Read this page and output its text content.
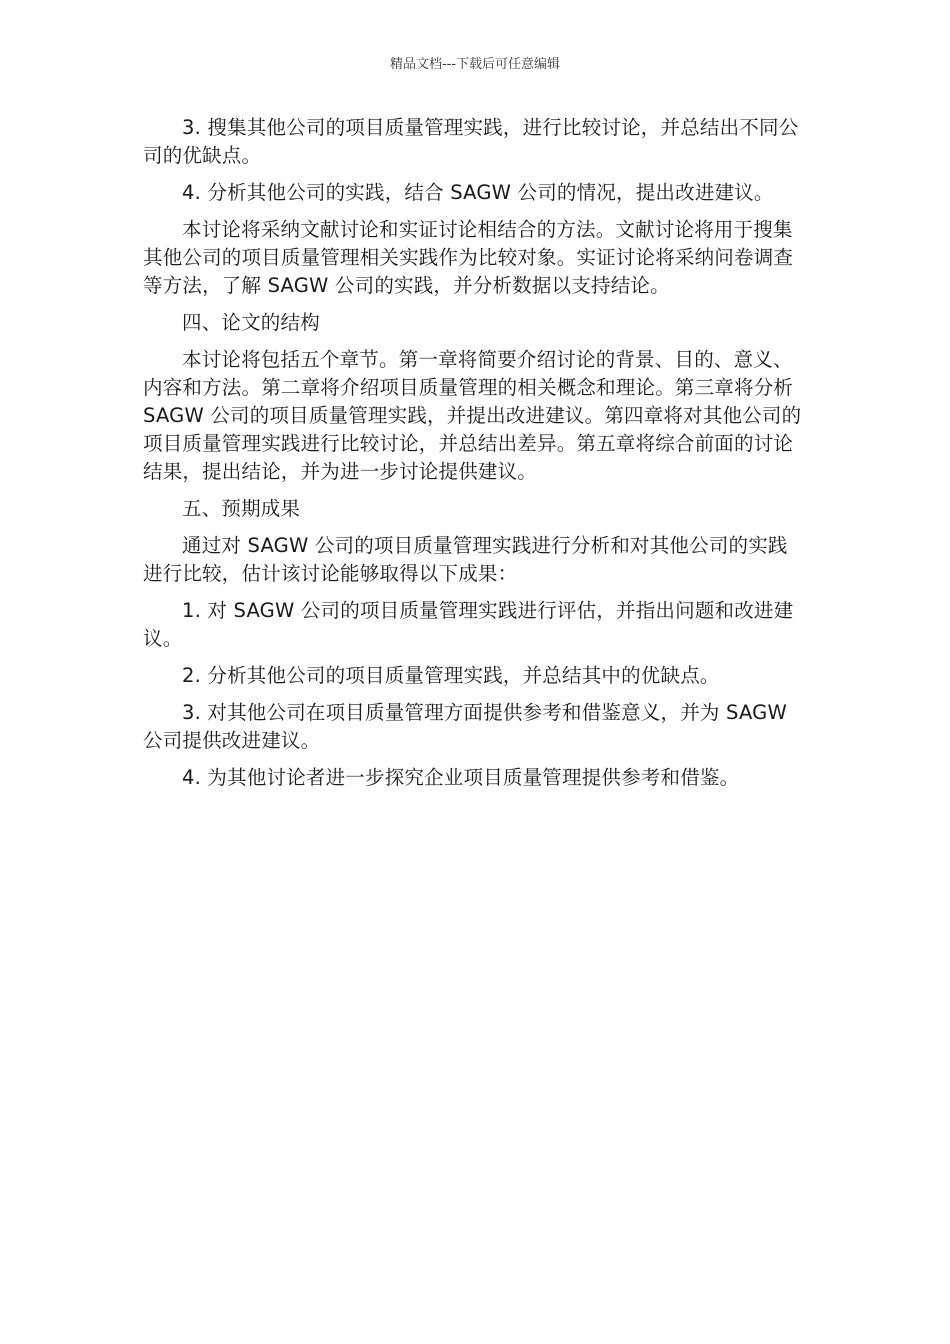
精品文档---下载后可任意编辑

3. 搜集其他公司的项目质量管理实践，进行比较讨论，并总结出不同公司的优缺点。

4. 分析其他公司的实践，结合 SAGW 公司的情况，提出改进建议。

本讨论将采纳文献讨论和实证讨论相结合的方法。文献讨论将用于搜集其他公司的项目质量管理相关实践作为比较对象。实证讨论将采纳问卷调查等方法，了解 SAGW 公司的实践，并分析数据以支持结论。

四、论文的结构

本讨论将包括五个章节。第一章将简要介绍讨论的背景、目的、意义、内容和方法。第二章将介绍项目质量管理的相关概念和理论。第三章将分析 SAGW 公司的项目质量管理实践，并提出改进建议。第四章将对其他公司的项目质量管理实践进行比较讨论，并总结出差异。第五章将综合前面的讨论结果，提出结论，并为进一步讨论提供建议。

五、预期成果

通过对 SAGW 公司的项目质量管理实践进行分析和对其他公司的实践进行比较，估计该讨论能够取得以下成果：

1. 对 SAGW 公司的项目质量管理实践进行评估，并指出问题和改进建议。

2. 分析其他公司的项目质量管理实践，并总结其中的优缺点。

3. 对其他公司在项目质量管理方面提供参考和借鉴意义，并为 SAGW 公司提供改进建议。

4. 为其他讨论者进一步探究企业项目质量管理提供参考和借鉴。
